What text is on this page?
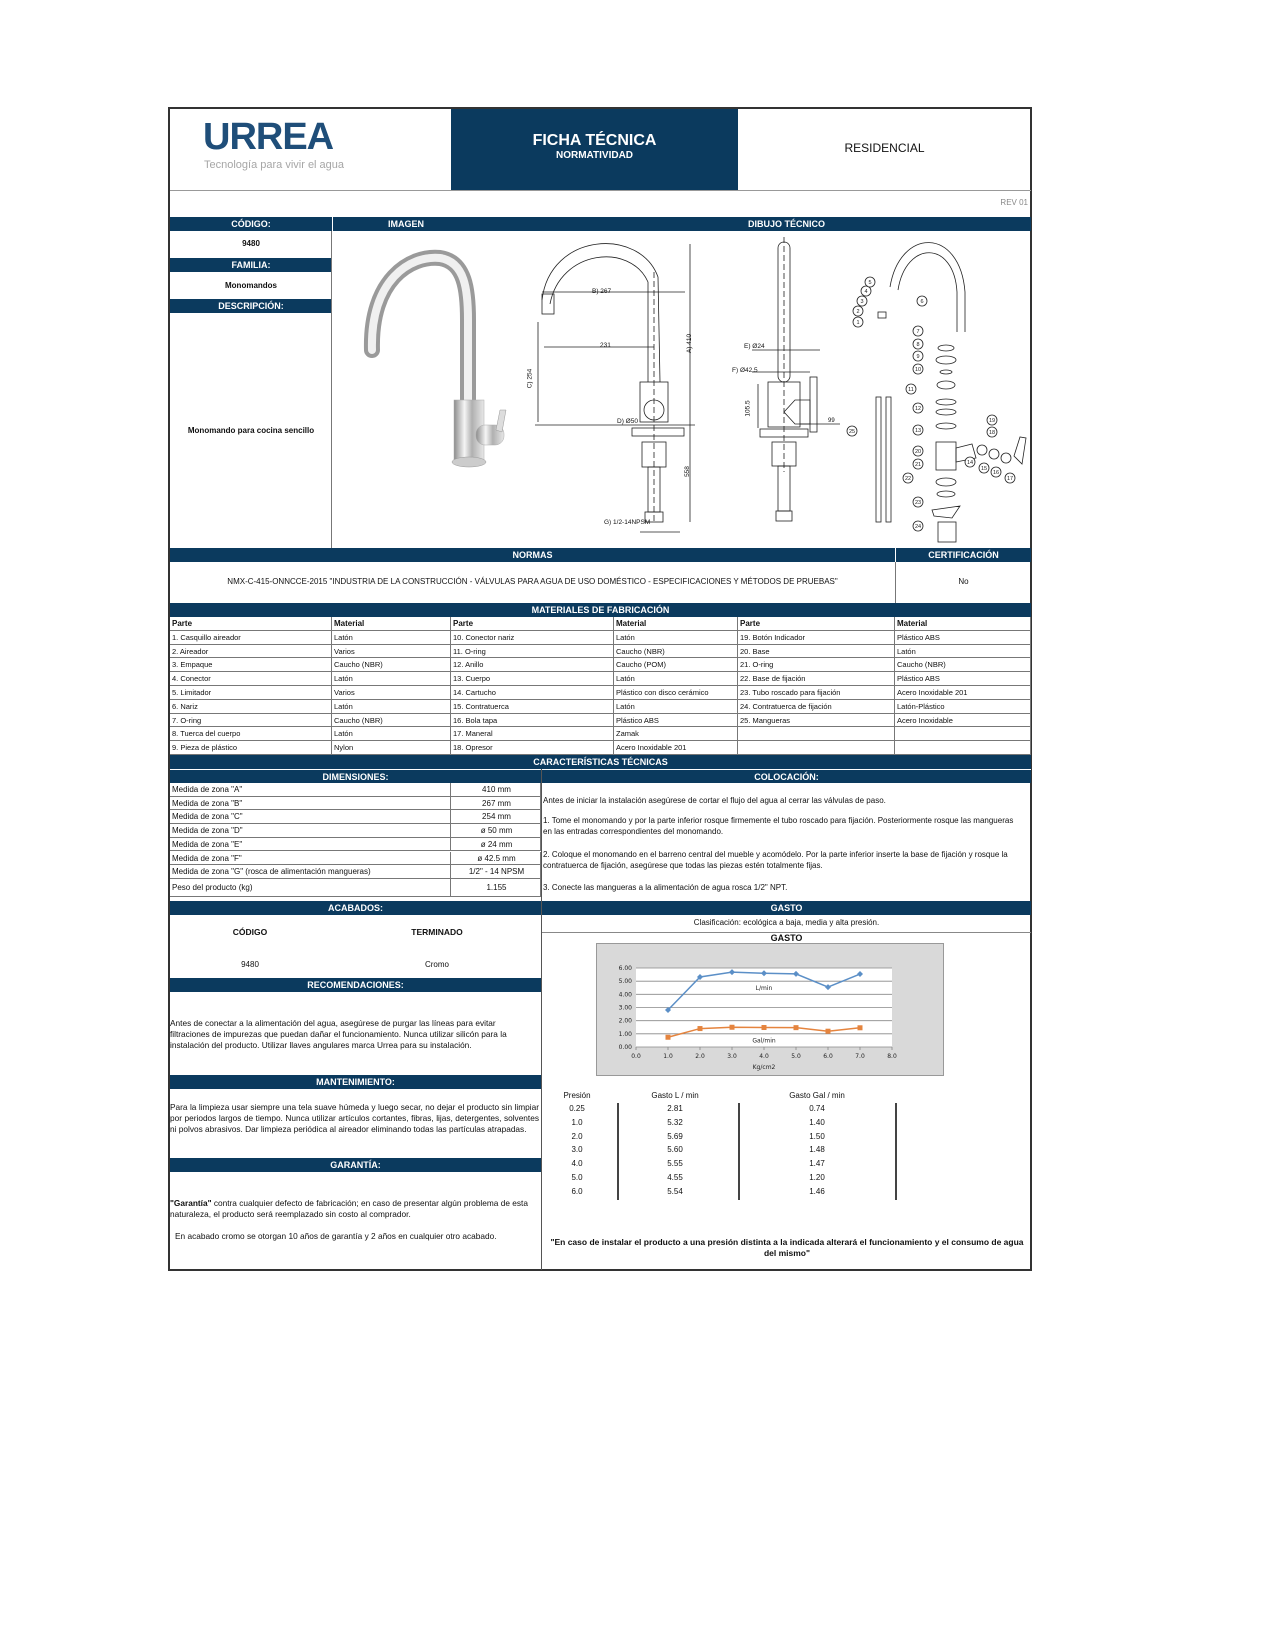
URREA
Tecnología para vivir el agua
FICHA TÉCNICA
NORMATIVIDAD
RESIDENCIAL
REV 01
CÓDIGO:	IMAGEN	DIBUJO TÉCNICO
9480
FAMILIA:
Monomandos
DESCRIPCIÓN:
Monomando para cocina sencillo
1
2
3
4
5
6
7
8
9
10
11
12
13
14
15
16
17
18
19
20
21
22
23
24
25
B) 267
231	A) 410
C) 254
D) Ø50
558
G) 1/2-14NPSM
E) Ø24
F) Ø42.5
105.5
99
NORMAS	CERTIFICACIÓN
NMX-C-415-ONNCCE-2015 "INDUSTRIA DE LA CONSTRUCCIÓN - VÁLVULAS PARA AGUA DE USO DOMÉSTICO - ESPECIFICACIONES Y MÉTODOS DE PRUEBAS"	No
MATERIALES DE FABRICACIÓN
Parte	Material	Parte	Material	Parte	Material
1. Casquillo aireador	Latón	10. Conector nariz	Latón	19. Botón Indicador	Plástico ABS
2. Aireador	Varios	11. O-ring	Caucho (NBR)	20. Base	Latón
3. Empaque	Caucho (NBR)	12. Anillo	Caucho (POM)	21. O-ring	Caucho (NBR)
4. Conector	Latón	13. Cuerpo	Latón	22. Base de fijación	Plástico ABS
5. Limitador	Varios	14. Cartucho	Plástico con disco cerámico	23. Tubo roscado para fijación	Acero Inoxidable 201
6. Nariz	Latón	15. Contratuerca	Latón	24. Contratuerca de fijación	Latón-Plástico
7. O-ring	Caucho (NBR)	16. Bola tapa	Plástico ABS	25. Mangueras	Acero Inoxidable
8. Tuerca del cuerpo	Latón	17. Maneral	Zamak
9. Pieza de plástico	Nylon	18. Opresor	Acero Inoxidable 201
CARACTERÍSTICAS TÉCNICAS
DIMENSIONES:	COLOCACIÓN:
Medida de zona "A"	410 mm
Medida de zona "B"	267 mm
Medida de zona "C"	254 mm
Medida de zona "D"	ø 50 mm
Medida de zona "E"	ø 24 mm
Medida de zona "F"	ø 42.5 mm
Medida de zona "G" (rosca de alimentación mangueras)	1/2" - 14 NPSM
Peso del producto (kg)	1.155
Antes de iniciar la instalación asegúrese de cortar el flujo del agua al cerrar las válvulas de paso.
1. Tome el monomando y por la parte inferior rosque firmemente el tubo roscado para fijación. Posteriormente rosque las mangueras en las entradas correspondientes del monomando.
2. Coloque el monomando en el barreno central del mueble y acomódelo. Por la parte inferior inserte la base de fijación y rosque la contratuerca de fijación, asegúrese que todas las piezas estén totalmente fijas.
3. Conecte las mangueras a la alimentación de agua rosca 1/2" NPT.
ACABADOS:
CÓDIGO	TERMINADO
9480	Cromo
RECOMENDACIONES:
Antes de conectar a la alimentación del agua, asegúrese de purgar las líneas para evitar filtraciones de impurezas que puedan dañar el funcionamiento. Nunca utilizar silicón para la instalación del producto. Utilizar llaves angulares marca Urrea para su instalación.
MANTENIMIENTO:
Para la limpieza usar siempre una tela suave húmeda y luego secar, no dejar el producto sin limpiar por periodos largos de tiempo. Nunca utilizar artículos cortantes, fibras, lijas, detergentes, solventes ni polvos abrasivos. Dar limpieza periódica al aireador eliminando todas las partículas atrapadas.
GARANTÍA:
"Garantía" contra cualquier defecto de fabricación; en caso de presentar algún problema de esta naturaleza, el producto será reemplazado sin costo al comprador.
En acabado cromo se otorgan 10 años de garantía y 2 años en cualquier otro acabado.
GASTO
Clasificación: ecológica a baja, media y alta presión.
GASTO
0.00
1.00
2.00
3.00
4.00
5.00
6.00
0.0	1.0	2.0	3.0	4.0	5.0	6.0	7.0	8.0
Kg/cm2
L/min
Gal/min
Presión	Gasto L / min	Gasto Gal / min
0.25	2.81	0.74
1.0	5.32	1.40
2.0	5.69	1.50
3.0	5.60	1.48
4.0	5.55	1.47
5.0	4.55	1.20
6.0	5.54	1.46
"En caso de instalar el producto a una presión distinta a la indicada alterará el funcionamiento y el consumo de agua del mismo"
